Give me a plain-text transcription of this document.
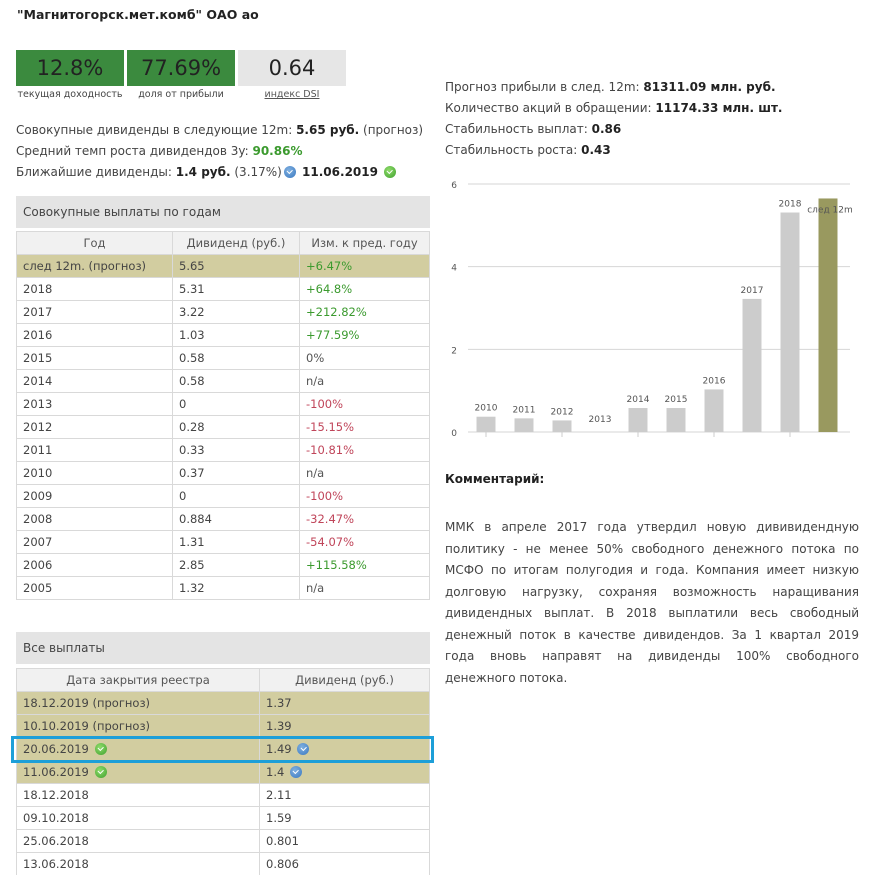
"Магнитогорск.мет.комб" ОАО ао
12.8%
текущая доходность
77.69%
доля от прибыли
0.64
индекс DSI
Совокупные дивиденды в следующие 12m: 5.65 руб. (прогноз)
Средний темп роста дивидендов 3y: 90.86%
Ближайшие дивиденды: 1.4 руб. (3.17%) 11.06.2019
Прогноз прибыли в след. 12m: 81311.09 млн. руб.
Количество акций в обращении: 11174.33 млн. шт.
Стабильность выплат: 0.86
Стабильность роста: 0.43
Совокупные выплаты по годам
Год	Дивиденд (руб.)	Изм. к пред. году
след 12m. (прогноз)	5.65	+6.47%
2018	5.31	+64.8%
2017	3.22	+212.82%
2016	1.03	+77.59%
2015	0.58	0%
2014	0.58	n/a
2013	0	-100%
2012	0.28	-15.15%
2011	0.33	-10.81%
2010	0.37	n/a
2009	0	-100%
2008	0.884	-32.47%
2007	1.31	-54.07%
2006	2.85	+115.58%
2005	1.32	n/a
Все выплаты
Дата закрытия реестра	Дивиденд (руб.)
18.12.2019 (прогноз)	1.37
10.10.2019 (прогноз)	1.39
20.06.2019	1.49
11.06.2019	1.4
18.12.2018	2.11
09.10.2018	1.59
25.06.2018	0.801
13.06.2018	0.806
0
2
4
6
2010 2011 2012
2013
2014 2015
2016
2017
2018
след 12m
Комментарий:
ММК в апреле 2017 года утвердил новую дививидендную политику - не менее 50% свободного денежного потока по МСФО по итогам полугодия и года. Компания имеет низкую долговую нагрузку, сохраняя возможность наращивания дивидендных выплат. В 2018 выплатили весь свободный денежный поток в качестве дивидендов. За 1 квартал 2019 года вновь направят на дивиденды 100% свободного денежного потока.
